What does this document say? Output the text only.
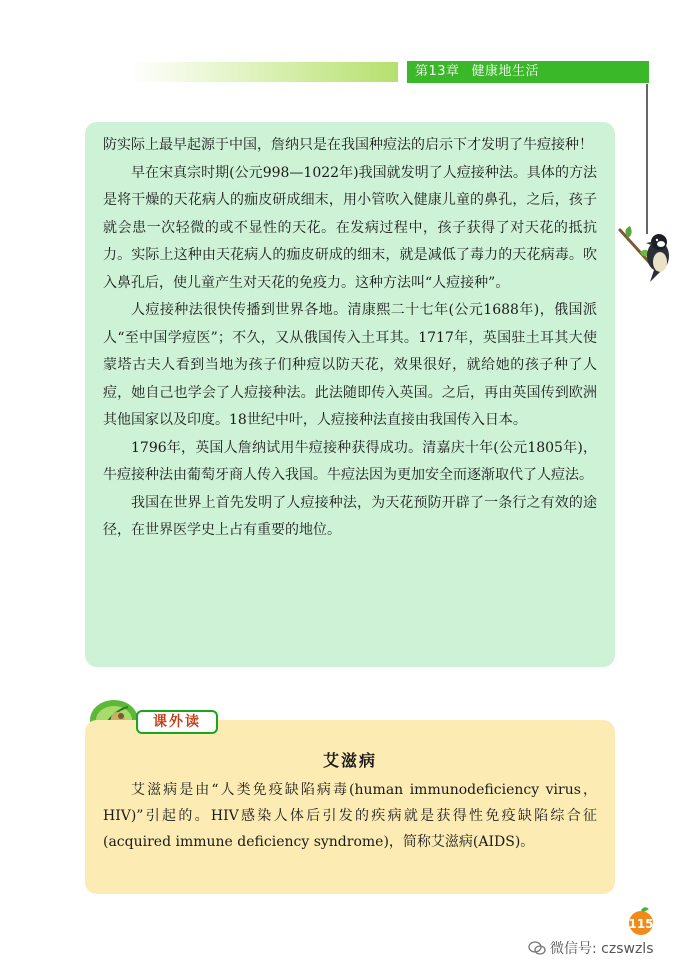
第13章 健康地生活

防实际上最早起源于中国，詹纳只是在我国种痘法的启示下才发明了牛痘接种！

早在宋真宗时期(公元998—1022年)我国就发明了人痘接种法。具体的方法是将干燥的天花病人的痂皮研成细末，用小管吹入健康儿童的鼻孔，之后，孩子就会患一次轻微的或不显性的天花。在发病过程中，孩子获得了对天花的抵抗力。实际上这种由天花病人的痂皮研成的细末，就是减低了毒力的天花病毒。吹入鼻孔后，使儿童产生对天花的免疫力。这种方法叫“人痘接种”。

人痘接种法很快传播到世界各地。清康熙二十七年(公元1688年)，俄国派人“至中国学痘医”；不久，又从俄国传入土耳其。1717年，英国驻土耳其大使蒙塔古夫人看到当地为孩子们种痘以防天花，效果很好，就给她的孩子种了人痘，她自己也学会了人痘接种法。此法随即传入英国。之后，再由英国传到欧洲其他国家以及印度。18世纪中叶，人痘接种法直接由我国传入日本。

1796年，英国人詹纳试用牛痘接种获得成功。清嘉庆十年(公元1805年)，牛痘接种法由葡萄牙商人传入我国。牛痘法因为更加安全而逐渐取代了人痘法。

我国在世界上首先发明了人痘接种法，为天花预防开辟了一条行之有效的途径，在世界医学史上占有重要的地位。

课外读
艾滋病

艾滋病是由“人类免疫缺陷病毒(human immunodeficiency virus，HIV)”引起的。HIV感染人体后引发的疾病就是获得性免疫缺陷综合征(acquired immune deficiency syndrome)，简称艾滋病(AIDS)。

115
微信号: czswzls
